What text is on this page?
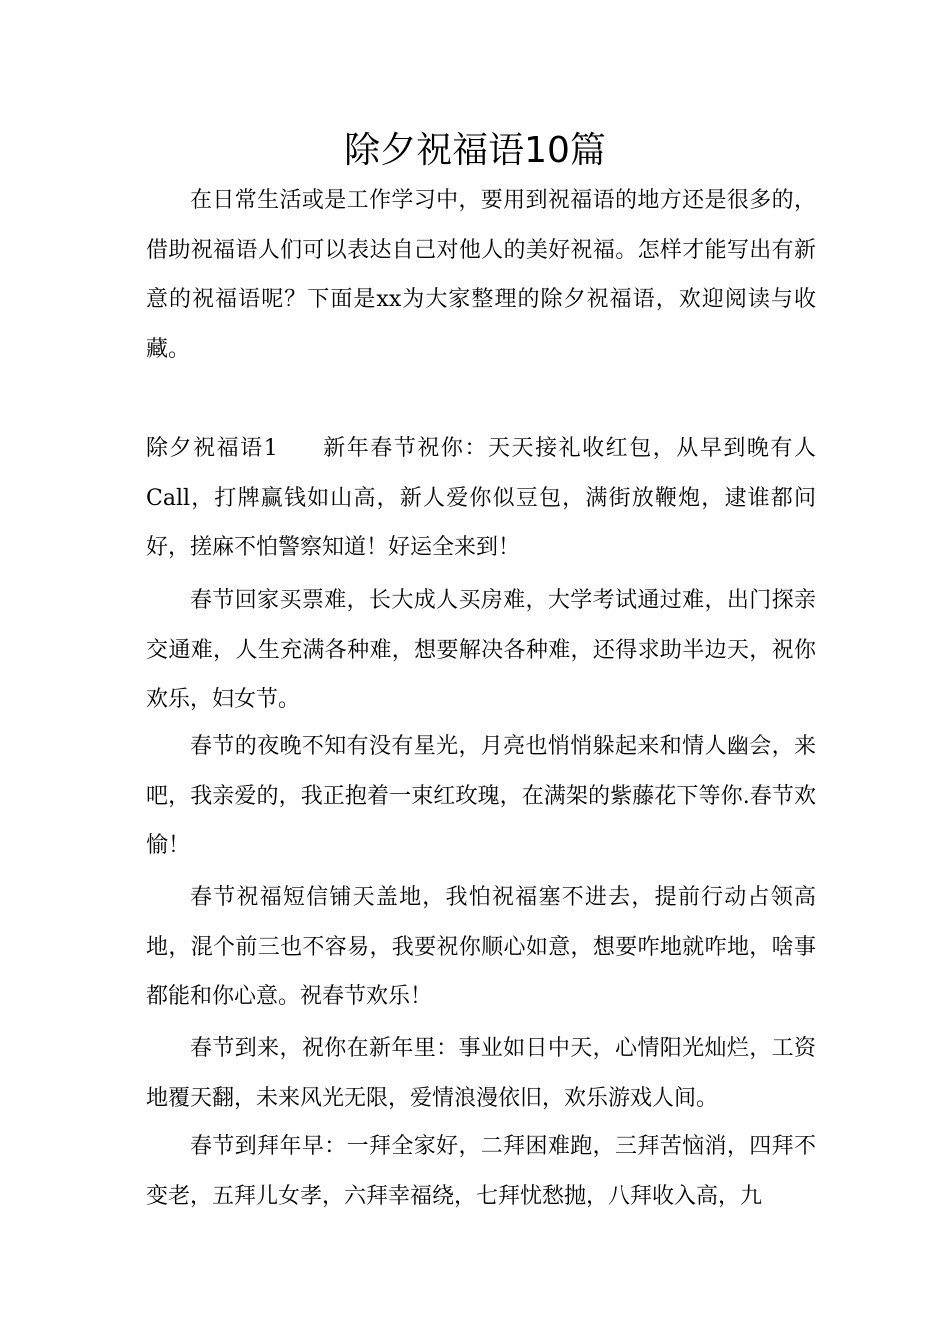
除夕祝福语10篇

在日常生活或是工作学习中，要用到祝福语的地方还是很多的，借助祝福语人们可以表达自己对他人的美好祝福。怎样才能写出有新意的祝福语呢？下面是xx为大家整理的除夕祝福语，欢迎阅读与收藏。

除夕祝福语1 新年春节祝你：天天接礼收红包，从早到晚有人Call，打牌赢钱如山高，新人爱你似豆包，满街放鞭炮，逮谁都问好，搓麻不怕警察知道！好运全来到！

春节回家买票难，长大成人买房难，大学考试通过难，出门探亲交通难，人生充满各种难，想要解决各种难，还得求助半边天，祝你欢乐，妇女节。

春节的夜晚不知有没有星光，月亮也悄悄躲起来和情人幽会，来吧，我亲爱的，我正抱着一束红玫瑰，在满架的紫藤花下等你.春节欢愉！

春节祝福短信铺天盖地，我怕祝福塞不进去，提前行动占领高地，混个前三也不容易，我要祝你顺心如意，想要咋地就咋地，啥事都能和你心意。祝春节欢乐！

春节到来，祝你在新年里：事业如日中天，心情阳光灿烂，工资地覆天翻，未来风光无限，爱情浪漫依旧，欢乐游戏人间。

春节到拜年早：一拜全家好，二拜困难跑，三拜苦恼消，四拜不变老，五拜儿女孝，六拜幸福绕，七拜忧愁抛，八拜收入高，九
